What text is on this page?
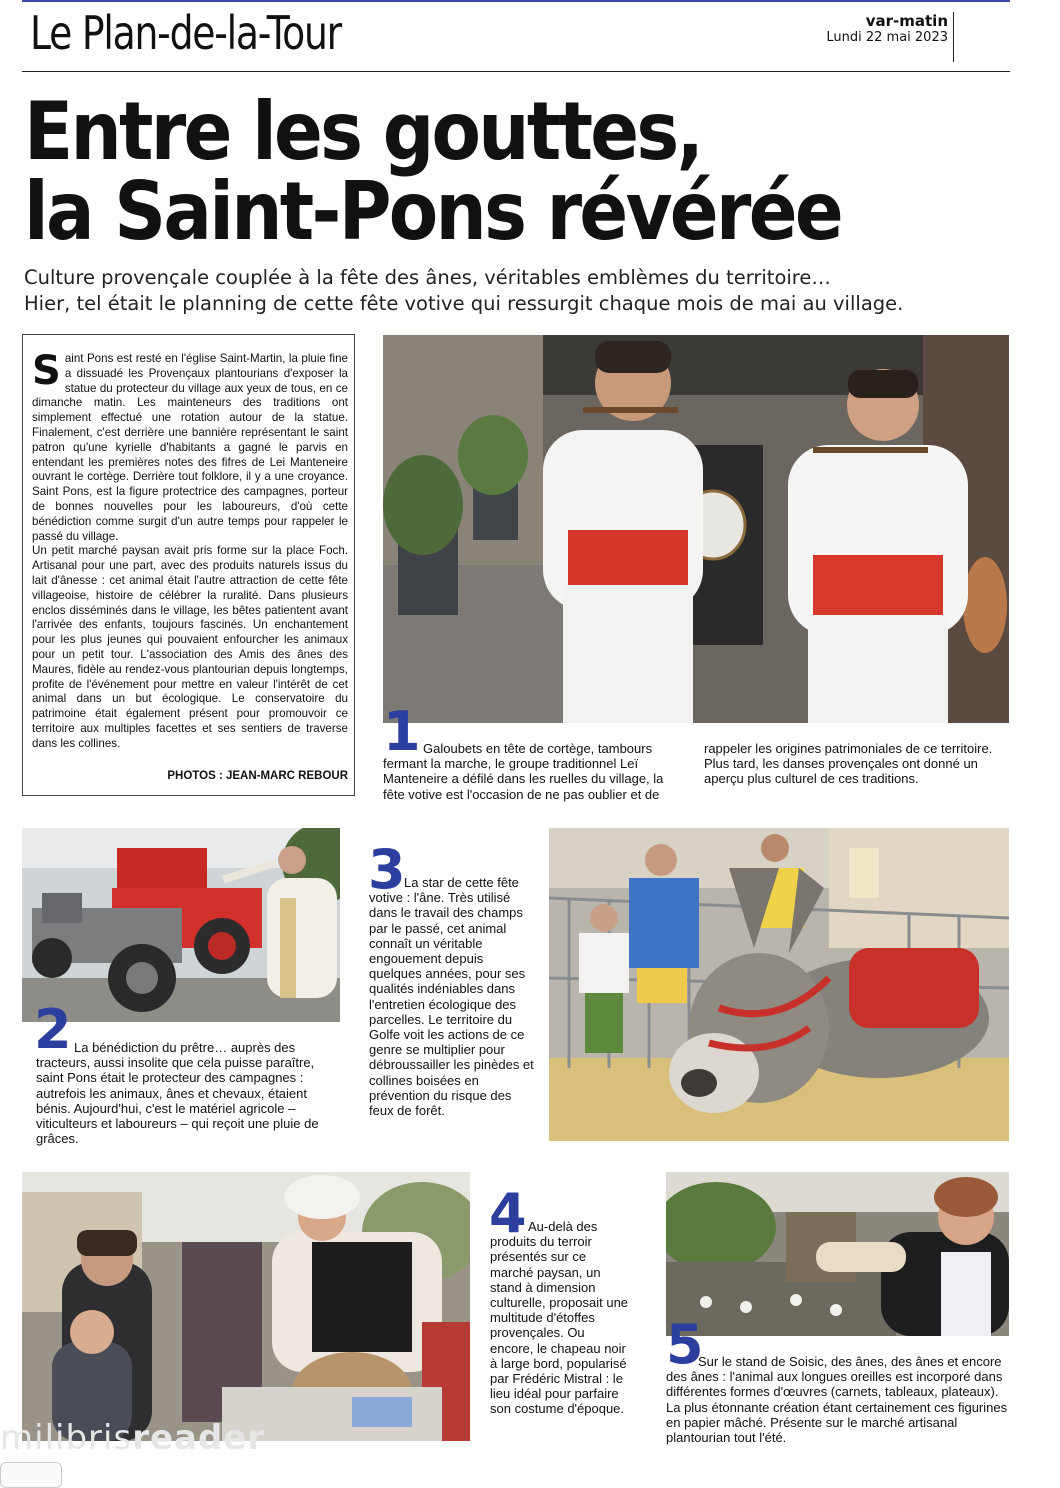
Le Plan-de-la-Tour	var-matin
Lundi 22 mai 2023
Entre les gouttes,
la Saint-Pons révérée
Culture provençale couplée à la fête des ânes, véritables emblèmes du territoire…
Hier, tel était le planning de cette fête votive qui ressurgit chaque mois de mai au village.
Saint Pons est resté en l'église Saint-Martin, la pluie fine a dissuadé les Provençaux plantourians d'exposer la statue du protecteur du village aux yeux de tous, en ce dimanche matin. Les mainteneurs des traditions ont simplement effectué une rotation autour de la statue. Finalement, c'est derrière une bannière représentant le saint patron qu'une kyrielle d'habitants a gagné le parvis en entendant les premières notes des fifres de Lei Manteneire ouvrant le cortège. Derrière tout folklore, il y a une croyance. Saint Pons, est la figure protectrice des campagnes, porteur de bonnes nouvelles pour les laboureurs, d'où cette bénédiction comme surgit d'un autre temps pour rappeler le passé du village.
Un petit marché paysan avait pris forme sur la place Foch. Artisanal pour une part, avec des produits naturels issus du lait d'ânesse : cet animal était l'autre attraction de cette fête villageoise, histoire de célébrer la ruralité. Dans plusieurs enclos disséminés dans le village, les bêtes patientent avant l'arrivée des enfants, toujours fascinés. Un enchantement pour les plus jeunes qui pouvaient enfourcher les animaux pour un petit tour. L'association des Amis des ânes des Maures, fidèle au rendez-vous plantourian depuis longtemps, profite de l'événement pour mettre en valeur l'intérêt de cet animal dans un but écologique. Le conservatoire du patrimoine était également présent pour promouvoir ce territoire aux multiples facettes et ses sentiers de traverse dans les collines.
PHOTOS : JEAN-MARC REBOUR
1 Galoubets en tête de cortège, tambours fermant la marche, le groupe traditionnel Leï Manteneire a défilé dans les ruelles du village, la fête votive est l'occasion de ne pas oublier et de
rappeler les origines patrimoniales de ce territoire. Plus tard, les danses provençales ont donné un aperçu plus culturel de ces traditions.
2 La bénédiction du prêtre… auprès des tracteurs, aussi insolite que cela puisse paraître, saint Pons était le protecteur des campagnes : autrefois les animaux, ânes et chevaux, étaient bénis. Aujourd'hui, c'est le matériel agricole – viticulteurs et laboureurs – qui reçoit une pluie de grâces.
3
La star de cette fête votive : l'âne. Très utilisé dans le travail des champs par le passé, cet animal connaît un véritable engouement depuis quelques années, pour ses qualités indéniables dans l'entretien écologique des parcelles. Le territoire du Golfe voit les actions de ce genre se multiplier pour débroussailler les pinèdes et collines boisées en prévention du risque des feux de forêt.
4 Au-delà des produits du terroir présentés sur ce marché paysan, un stand à dimension culturelle, proposait une multitude d'étoffes provençales. Ou encore, le chapeau noir à large bord, popularisé par Frédéric Mistral : le lieu idéal pour parfaire son costume d'époque.
5
Sur le stand de Soisic, des ânes, des ânes et encore des ânes : l'animal aux longues oreilles est incorporé dans différentes formes d'œuvres (carnets, tableaux, plateaux). La plus étonnante création étant certainement ces figurines en papier mâché. Présente sur le marché artisanal plantourian tout l'été.
milibrisreader
